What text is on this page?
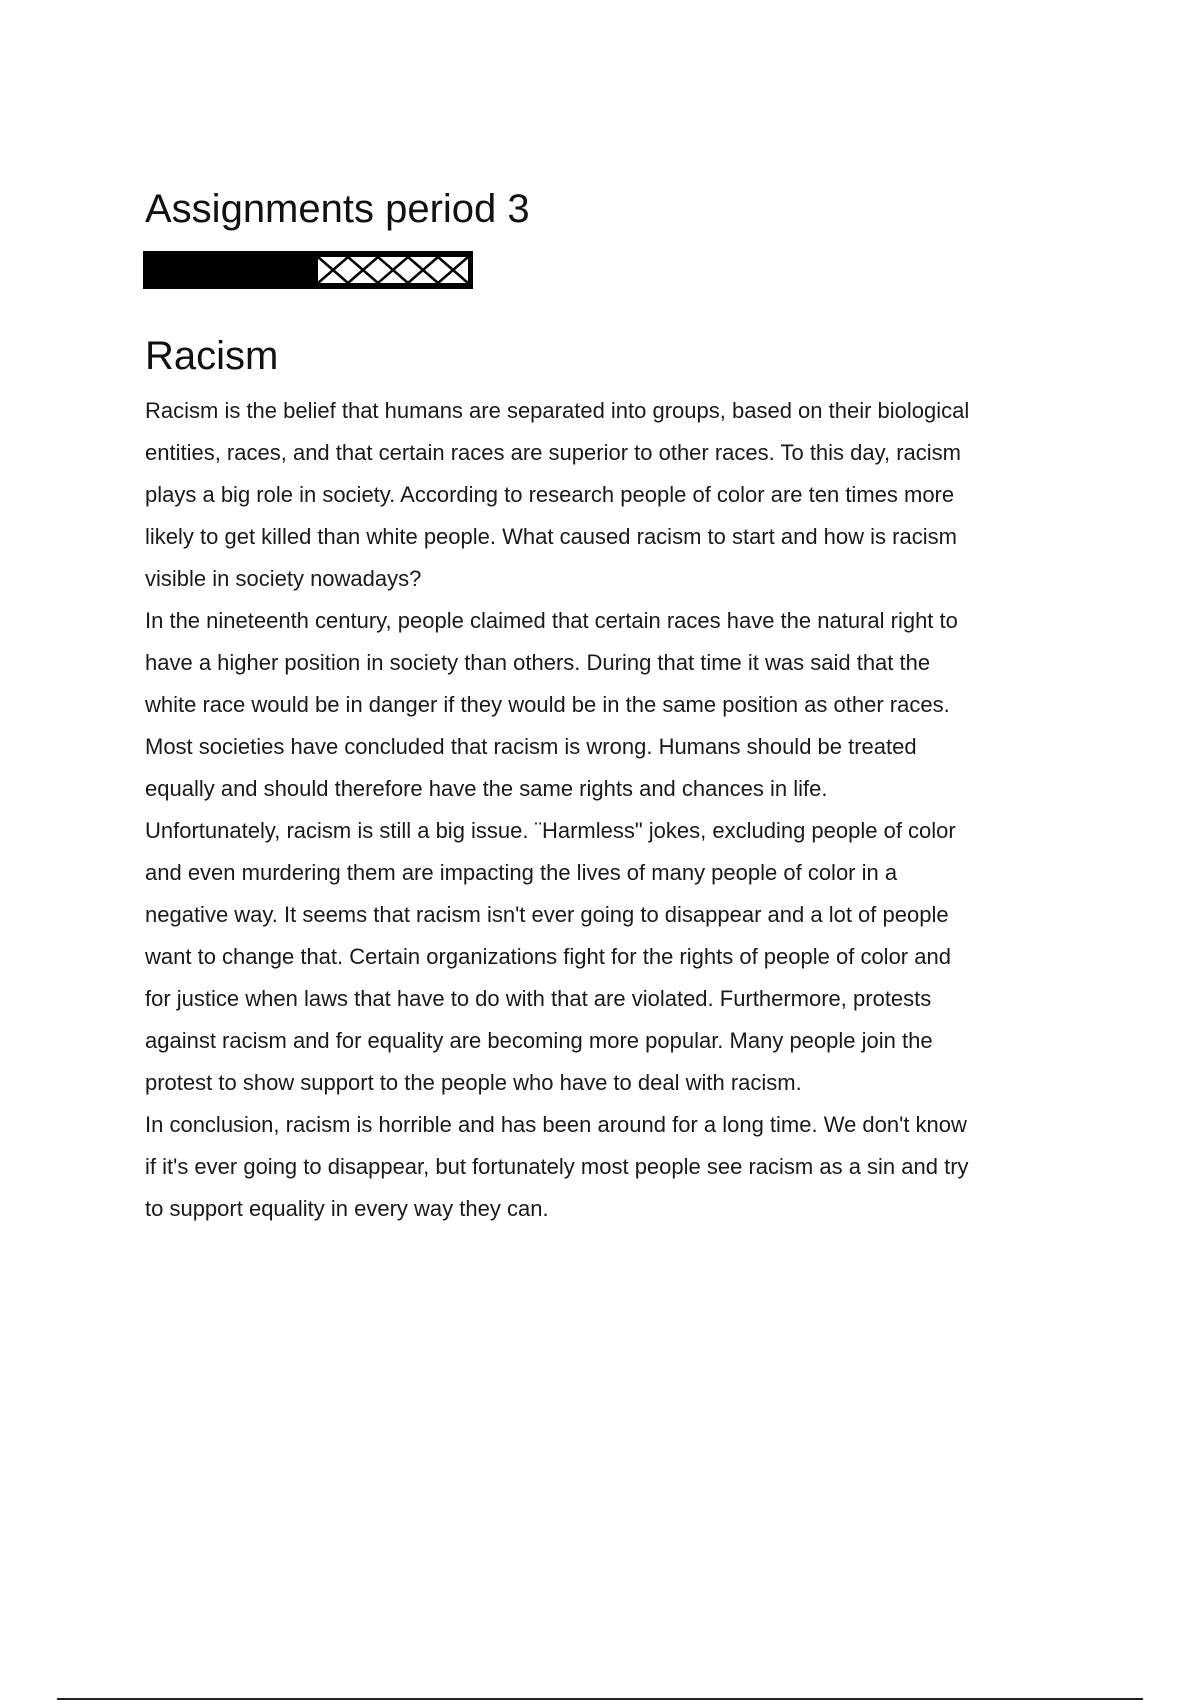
Assignments period 3
Racism
Racism is the belief that humans are separated into groups, based on their biological
entities, races, and that certain races are superior to other races. To this day, racism
plays a big role in society. According to research people of color are ten times more
likely to get killed than white people. What caused racism to start and how is racism
visible in society nowadays?
In the nineteenth century, people claimed that certain races have the natural right to
have a higher position in society than others. During that time it was said that the
white race would be in danger if they would be in the same position as other races.
Most societies have concluded that racism is wrong. Humans should be treated
equally and should therefore have the same rights and chances in life.
Unfortunately, racism is still a big issue. ¨Harmless" jokes, excluding people of color
and even murdering them are impacting the lives of many people of color in a
negative way. It seems that racism isn't ever going to disappear and a lot of people
want to change that. Certain organizations fight for the rights of people of color and
for justice when laws that have to do with that are violated. Furthermore, protests
against racism and for equality are becoming more popular. Many people join the
protest to show support to the people who have to deal with racism.
In conclusion, racism is horrible and has been around for a long time. We don't know
if it's ever going to disappear, but fortunately most people see racism as a sin and try
to support equality in every way they can.
